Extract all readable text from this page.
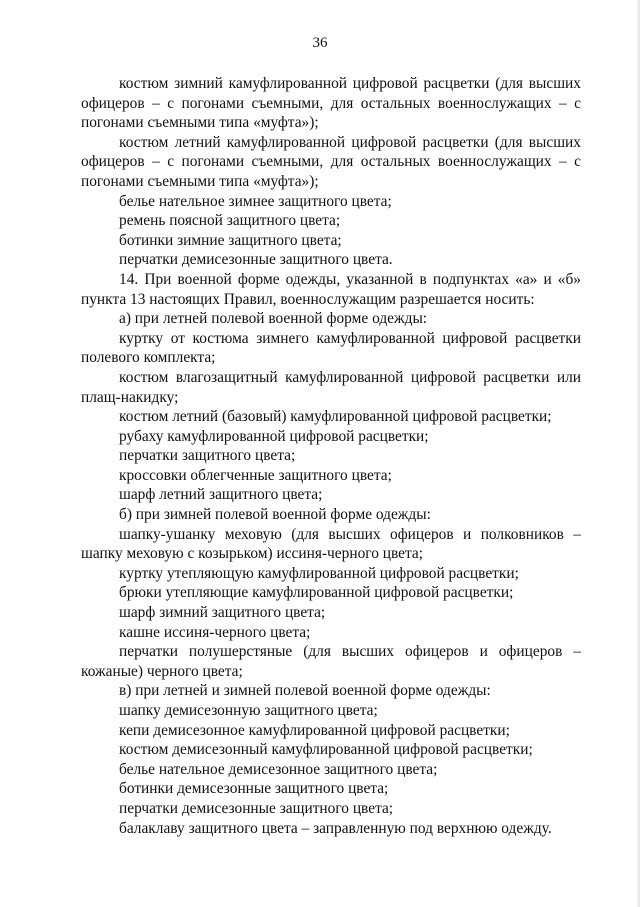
36

костюм зимний камуфлированной цифровой расцветки (для высших офицеров – с погонами съемными, для остальных военнослужащих – с погонами съемными типа «муфта»);

костюм летний камуфлированной цифровой расцветки (для высших офицеров – с погонами съемными, для остальных военнослужащих – с погонами съемными типа «муфта»);

белье нательное зимнее защитного цвета;

ремень поясной защитного цвета;

ботинки зимние защитного цвета;

перчатки демисезонные защитного цвета.

14. При военной форме одежды, указанной в подпунктах «а» и «б» пункта 13 настоящих Правил, военнослужащим разрешается носить:

а) при летней полевой военной форме одежды:

куртку от костюма зимнего камуфлированной цифровой расцветки полевого комплекта;

костюм влагозащитный камуфлированной цифровой расцветки или плащ-накидку;

костюм летний (базовый) камуфлированной цифровой расцветки;

рубаху камуфлированной цифровой расцветки;

перчатки защитного цвета;

кроссовки облегченные защитного цвета;

шарф летний защитного цвета;

б) при зимней полевой военной форме одежды:

шапку-ушанку меховую (для высших офицеров и полковников – шапку меховую с козырьком) иссиня-черного цвета;

куртку утепляющую камуфлированной цифровой расцветки;

брюки утепляющие камуфлированной цифровой расцветки;

шарф зимний защитного цвета;

кашне иссиня-черного цвета;

перчатки полушерстяные (для высших офицеров и офицеров – кожаные) черного цвета;

в) при летней и зимней полевой военной форме одежды:

шапку демисезонную защитного цвета;

кепи демисезонное камуфлированной цифровой расцветки;

костюм демисезонный камуфлированной цифровой расцветки;

белье нательное демисезонное защитного цвета;

ботинки демисезонные защитного цвета;

перчатки демисезонные защитного цвета;

балаклаву защитного цвета – заправленную под верхнюю одежду.
